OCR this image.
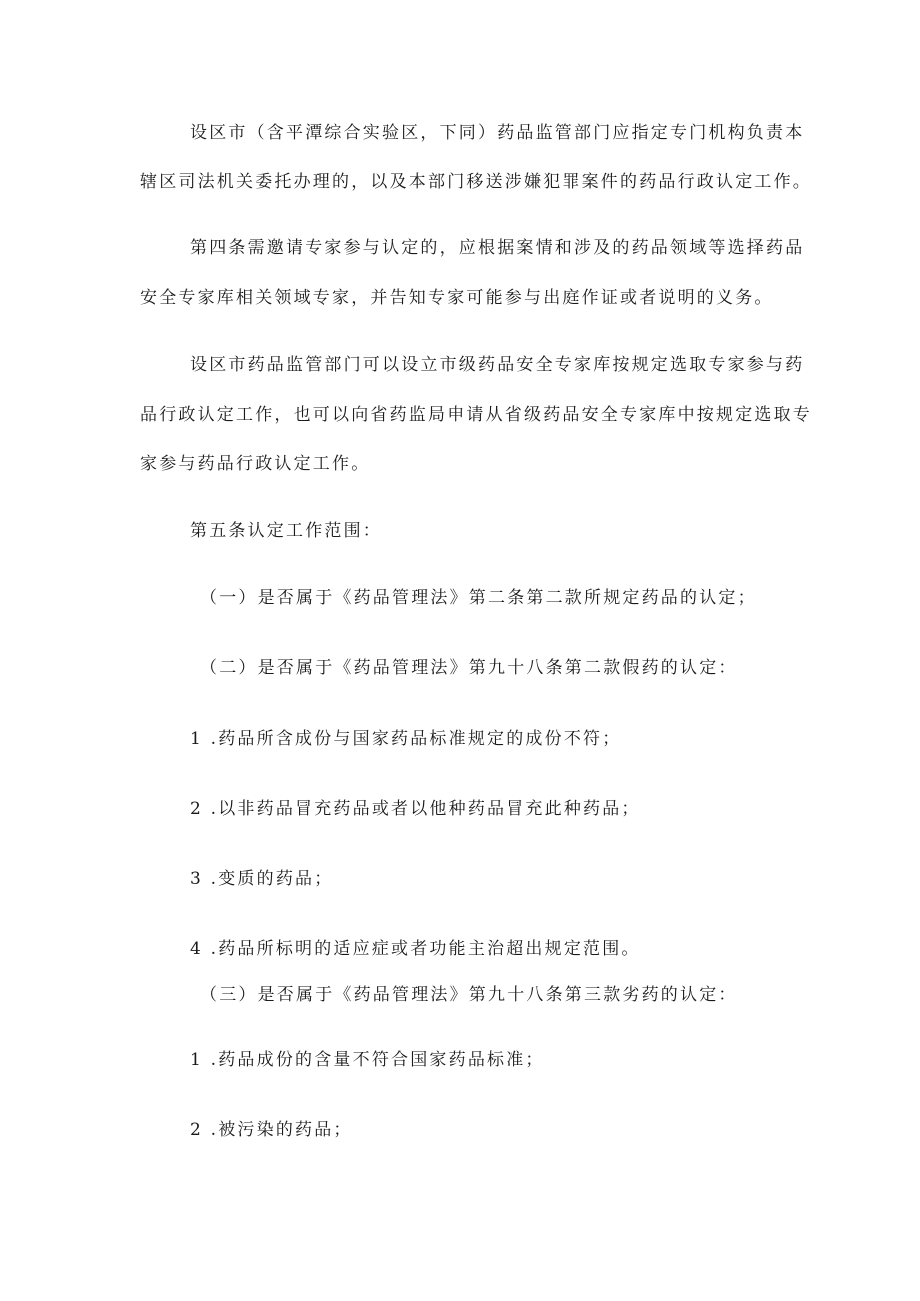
设区市（含平潭综合实验区，下同）药品监管部门应指定专门机构负责本

辖区司法机关委托办理的，以及本部门移送涉嫌犯罪案件的药品行政认定工作。

第四条需邀请专家参与认定的，应根据案情和涉及的药品领域等选择药品

安全专家库相关领域专家，并告知专家可能参与出庭作证或者说明的义务。

设区市药品监管部门可以设立市级药品安全专家库按规定选取专家参与药

品行政认定工作，也可以向省药监局申请从省级药品安全专家库中按规定选取专

家参与药品行政认定工作。

第五条认定工作范围：

（一）是否属于《药品管理法》第二条第二款所规定药品的认定；

（二）是否属于《药品管理法》第九十八条第二款假药的认定：

1 .药品所含成份与国家药品标准规定的成份不符；

2 .以非药品冒充药品或者以他种药品冒充此种药品；

3 .变质的药品；

4 .药品所标明的适应症或者功能主治超出规定范围。

（三）是否属于《药品管理法》第九十八条第三款劣药的认定：

1 .药品成份的含量不符合国家药品标准；

2 .被污染的药品；
